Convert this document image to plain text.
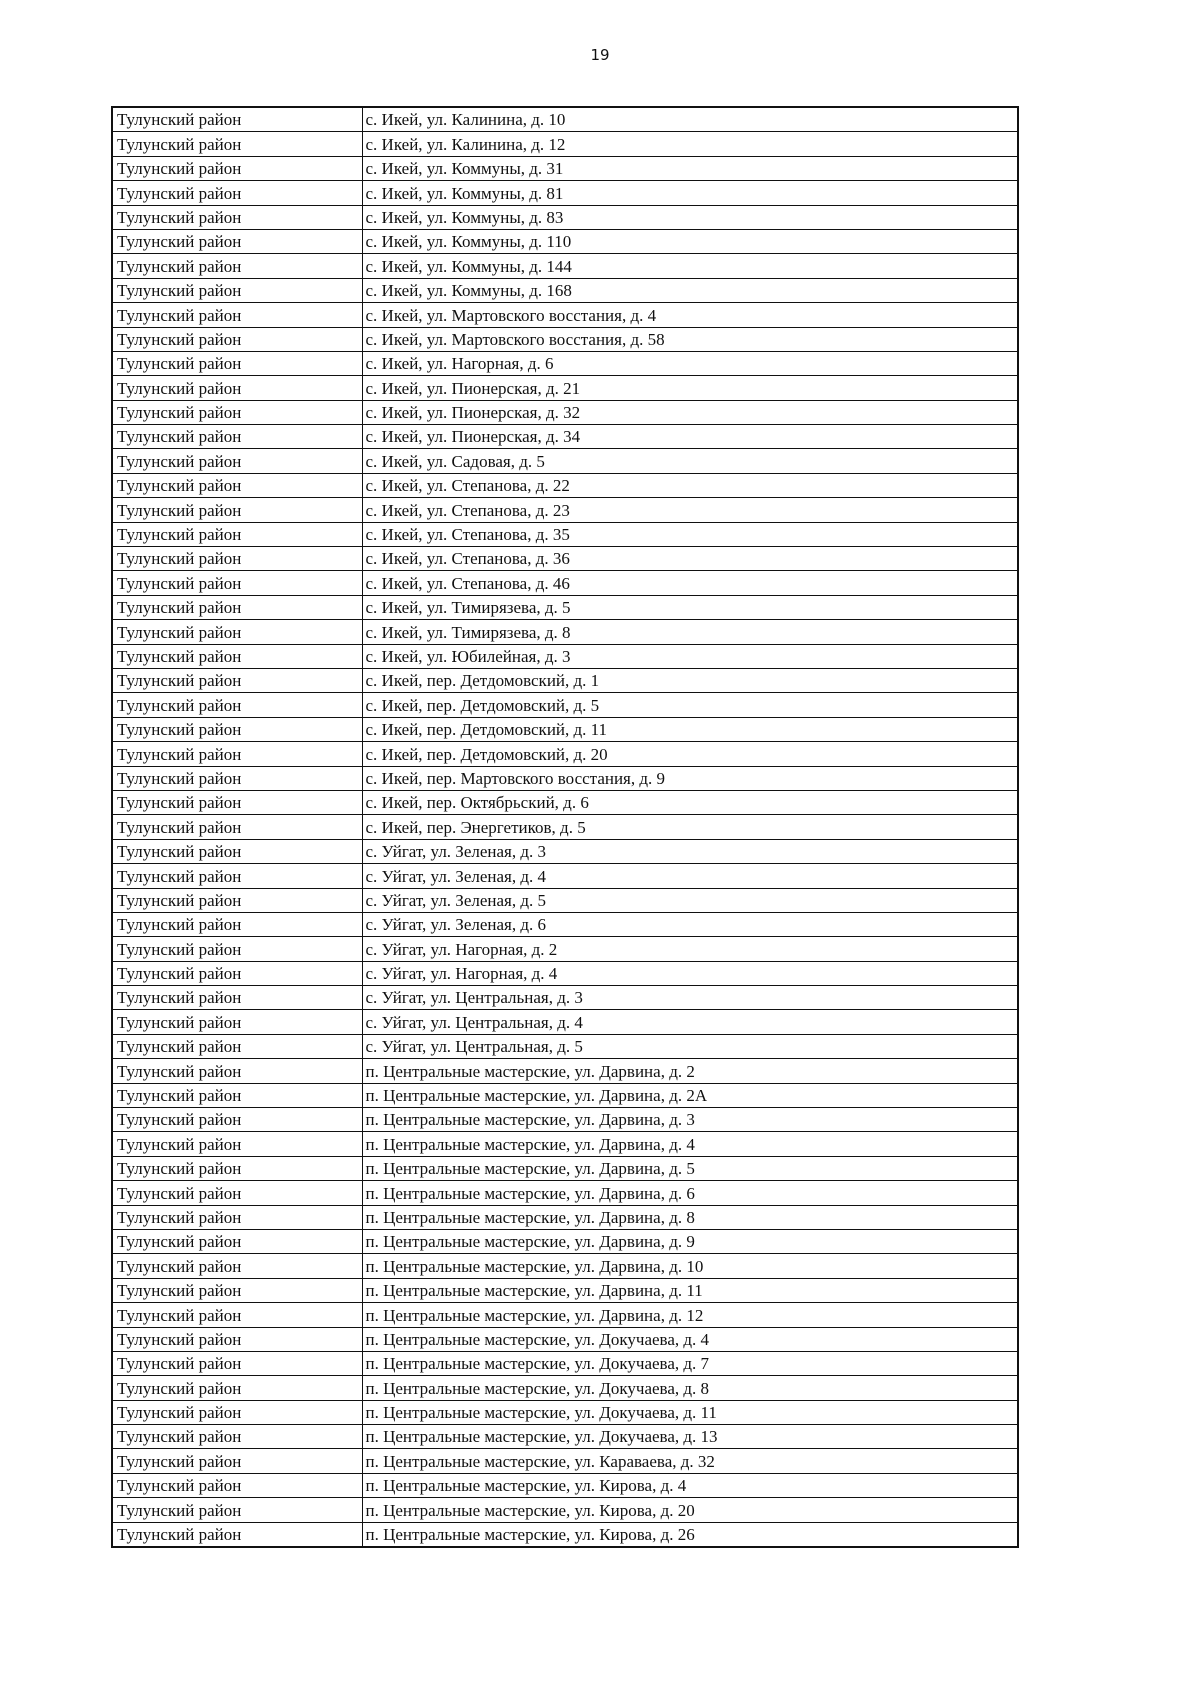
19
Тулунский район	с. Икей, ул. Калинина, д. 10
Тулунский район	с. Икей, ул. Калинина, д. 12
Тулунский район	с. Икей, ул. Коммуны, д. 31
Тулунский район	с. Икей, ул. Коммуны, д. 81
Тулунский район	с. Икей, ул. Коммуны, д. 83
Тулунский район	с. Икей, ул. Коммуны, д. 110
Тулунский район	с. Икей, ул. Коммуны, д. 144
Тулунский район	с. Икей, ул. Коммуны, д. 168
Тулунский район	с. Икей, ул. Мартовского восстания, д. 4
Тулунский район	с. Икей, ул. Мартовского восстания, д. 58
Тулунский район	с. Икей, ул. Нагорная, д. 6
Тулунский район	с. Икей, ул. Пионерская, д. 21
Тулунский район	с. Икей, ул. Пионерская, д. 32
Тулунский район	с. Икей, ул. Пионерская, д. 34
Тулунский район	с. Икей, ул. Садовая, д. 5
Тулунский район	с. Икей, ул. Степанова, д. 22
Тулунский район	с. Икей, ул. Степанова, д. 23
Тулунский район	с. Икей, ул. Степанова, д. 35
Тулунский район	с. Икей, ул. Степанова, д. 36
Тулунский район	с. Икей, ул. Степанова, д. 46
Тулунский район	с. Икей, ул. Тимирязева, д. 5
Тулунский район	с. Икей, ул. Тимирязева, д. 8
Тулунский район	с. Икей, ул. Юбилейная, д. 3
Тулунский район	с. Икей, пер. Детдомовский, д. 1
Тулунский район	с. Икей, пер. Детдомовский, д. 5
Тулунский район	с. Икей, пер. Детдомовский, д. 11
Тулунский район	с. Икей, пер. Детдомовский, д. 20
Тулунский район	с. Икей, пер. Мартовского восстания, д. 9
Тулунский район	с. Икей, пер. Октябрьский, д. 6
Тулунский район	с. Икей, пер. Энергетиков, д. 5
Тулунский район	с. Уйгат, ул. Зеленая, д. 3
Тулунский район	с. Уйгат, ул. Зеленая, д. 4
Тулунский район	с. Уйгат, ул. Зеленая, д. 5
Тулунский район	с. Уйгат, ул. Зеленая, д. 6
Тулунский район	с. Уйгат, ул. Нагорная, д. 2
Тулунский район	с. Уйгат, ул. Нагорная, д. 4
Тулунский район	с. Уйгат, ул. Центральная, д. 3
Тулунский район	с. Уйгат, ул. Центральная, д. 4
Тулунский район	с. Уйгат, ул. Центральная, д. 5
Тулунский район	п. Центральные мастерские, ул. Дарвина, д. 2
Тулунский район	п. Центральные мастерские, ул. Дарвина, д. 2А
Тулунский район	п. Центральные мастерские, ул. Дарвина, д. 3
Тулунский район	п. Центральные мастерские, ул. Дарвина, д. 4
Тулунский район	п. Центральные мастерские, ул. Дарвина, д. 5
Тулунский район	п. Центральные мастерские, ул. Дарвина, д. 6
Тулунский район	п. Центральные мастерские, ул. Дарвина, д. 8
Тулунский район	п. Центральные мастерские, ул. Дарвина, д. 9
Тулунский район	п. Центральные мастерские, ул. Дарвина, д. 10
Тулунский район	п. Центральные мастерские, ул. Дарвина, д. 11
Тулунский район	п. Центральные мастерские, ул. Дарвина, д. 12
Тулунский район	п. Центральные мастерские, ул. Докучаева, д. 4
Тулунский район	п. Центральные мастерские, ул. Докучаева, д. 7
Тулунский район	п. Центральные мастерские, ул. Докучаева, д. 8
Тулунский район	п. Центральные мастерские, ул. Докучаева, д. 11
Тулунский район	п. Центральные мастерские, ул. Докучаева, д. 13
Тулунский район	п. Центральные мастерские, ул. Караваева, д. 32
Тулунский район	п. Центральные мастерские, ул. Кирова, д. 4
Тулунский район	п. Центральные мастерские, ул. Кирова, д. 20
Тулунский район	п. Центральные мастерские, ул. Кирова, д. 26
